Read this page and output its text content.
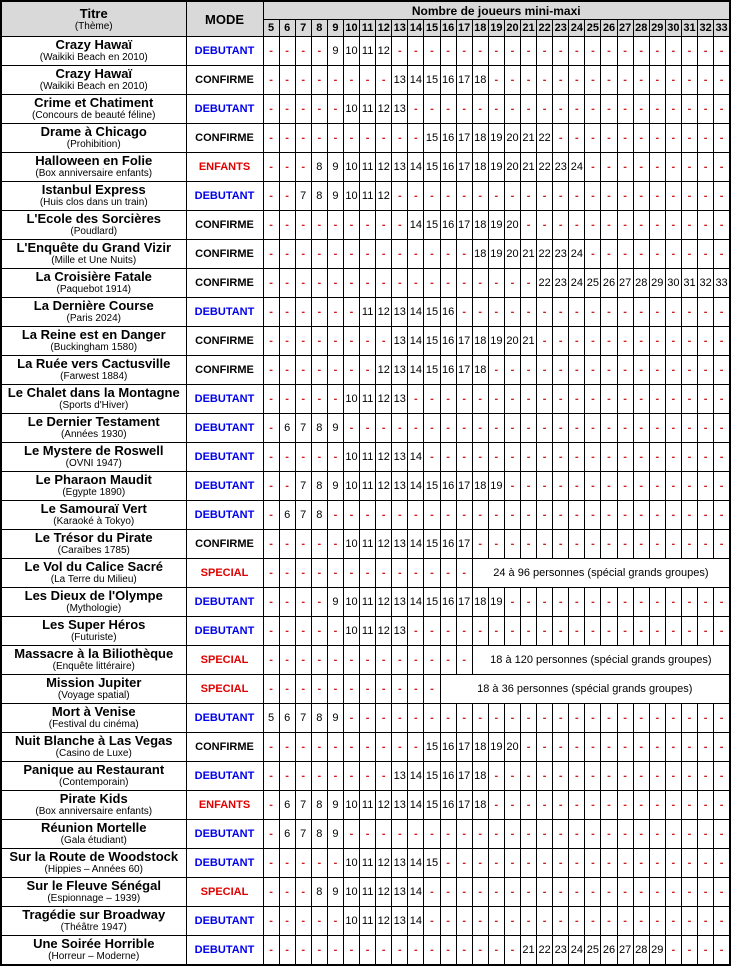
Titre
(Thème)	MODE	Nombre de joueurs mini-maxi																												
		5	6	7	8	9	10	11	12	13	14	15	16	17	18	19	20	21	22	23	24	25	26	27	28	29	30	31	32	33

Crazy Hawaï
(Waikiki Beach en 2010)	DEBUTANT	-	-	-	-	9	10	11	12	-	-	-	-	-	-	-	-	-	-	-	-	-	-	-	-	-	-	-	-	-

Crazy Hawaï
(Waikiki Beach en 2010)	CONFIRME	-	-	-	-	-	-	-	-	13	14	15	16	17	18	-	-	-	-	-	-	-	-	-	-	-	-	-	-	-

Crime et Chatiment
(Concours de beauté féline)	DEBUTANT	-	-	-	-	-	10	11	12	13	-	-	-	-	-	-	-	-	-	-	-	-	-	-	-	-	-	-	-	-

Drame à Chicago
(Prohibition)	CONFIRME	-	-	-	-	-	-	-	-	-	-	15	16	17	18	19	20	21	22	-	-	-	-	-	-	-	-	-	-	-

Halloween en Folie
(Box anniversaire enfants)	ENFANTS	-	-	-	8	9	10	11	12	13	14	15	16	17	18	19	20	21	22	23	24	-	-	-	-	-	-	-	-	-

Istanbul Express
(Huis clos dans un train)	DEBUTANT	-	-	7	8	9	10	11	12	-	-	-	-	-	-	-	-	-	-	-	-	-	-	-	-	-	-	-	-	-

L'Ecole des Sorcières
(Poudlard)	CONFIRME	-	-	-	-	-	-	-	-	-	14	15	16	17	18	19	20	-	-	-	-	-	-	-	-	-	-	-	-	-

L'Enquête du Grand Vizir
(Mille et Une Nuits)	CONFIRME	-	-	-	-	-	-	-	-	-	-	-	-	-	18	19	20	21	22	23	24	-	-	-	-	-	-	-	-	-

La Croisière Fatale
(Paquebot 1914)	CONFIRME	-	-	-	-	-	-	-	-	-	-	-	-	-	-	-	-	-	22	23	24	25	26	27	28	29	30	31	32	33

La Dernière Course
(Paris 2024)	DEBUTANT	-	-	-	-	-	-	11	12	13	14	15	16	-	-	-	-	-	-	-	-	-	-	-	-	-	-	-	-	-

La Reine est en Danger
(Buckingham 1580)	CONFIRME	-	-	-	-	-	-	-	-	13	14	15	16	17	18	19	20	21	-	-	-	-	-	-	-	-	-	-	-	-

La Ruée vers Cactusville
(Farwest 1884)	CONFIRME	-	-	-	-	-	-	-	12	13	14	15	16	17	18	-	-	-	-	-	-	-	-	-	-	-	-	-	-	-

Le Chalet dans la Montagne
(Sports d'Hiver)	DEBUTANT	-	-	-	-	-	10	11	12	13	-	-	-	-	-	-	-	-	-	-	-	-	-	-	-	-	-	-	-	-

Le Dernier Testament
(Années 1930)	DEBUTANT	-	6	7	8	9	-	-	-	-	-	-	-	-	-	-	-	-	-	-	-	-	-	-	-	-	-	-	-	-

Le Mystere de Roswell
(OVNI 1947)	DEBUTANT	-	-	-	-	-	10	11	12	13	14	-	-	-	-	-	-	-	-	-	-	-	-	-	-	-	-	-	-	-

Le Pharaon Maudit
(Egypte 1890)	DEBUTANT	-	-	7	8	9	10	11	12	13	14	15	16	17	18	19	-	-	-	-	-	-	-	-	-	-	-	-	-	-

Le Samouraï Vert
(Karaoké à Tokyo)	DEBUTANT	-	6	7	8	-	-	-	-	-	-	-	-	-	-	-	-	-	-	-	-	-	-	-	-	-	-	-	-	-

Le Trésor du Pirate
(Caraïbes 1785)	CONFIRME	-	-	-	-	-	10	11	12	13	14	15	16	17	-	-	-	-	-	-	-	-	-	-	-	-	-	-	-	-

Le Vol du Calice Sacré
(La Terre du Milieu)	SPECIAL	-	-	-	-	-	-	-	-	-	-	-	-	-	24 à 96 personnes (spécial grands groupes)															

Les Dieux de l'Olympe
(Mythologie)	DEBUTANT	-	-	-	-	9	10	11	12	13	14	15	16	17	18	19	-	-	-	-	-	-	-	-	-	-	-	-	-	-

Les Super Héros
(Futuriste)	DEBUTANT	-	-	-	-	-	10	11	12	13	-	-	-	-	-	-	-	-	-	-	-	-	-	-	-	-	-	-	-	-

Massacre à la Biliothèque
(Enquête littéraire)	SPECIAL	-	-	-	-	-	-	-	-	-	-	-	-	-	18 à 120 personnes (spécial grands groupes)															

Mission Jupiter
(Voyage spatial)	SPECIAL	-	-	-	-	-	-	-	-	-	-	-	18 à 36 personnes (spécial grands groupes)																	

Mort à Venise
(Festival du cinéma)	DEBUTANT	5	6	7	8	9	-	-	-	-	-	-	-	-	-	-	-	-	-	-	-	-	-	-	-	-	-	-	-	-

Nuit Blanche à Las Vegas
(Casino de Luxe)	CONFIRME	-	-	-	-	-	-	-	-	-	-	15	16	17	18	19	20	-	-	-	-	-	-	-	-	-	-	-	-	-

Panique au Restaurant
(Contemporain)	DEBUTANT	-	-	-	-	-	-	-	-	13	14	15	16	17	18	-	-	-	-	-	-	-	-	-	-	-	-	-	-	-

Pirate Kids
(Box anniversaire enfants)	ENFANTS	-	6	7	8	9	10	11	12	13	14	15	16	17	18	-	-	-	-	-	-	-	-	-	-	-	-	-	-	-

Réunion Mortelle
(Gala étudiant)	DEBUTANT	-	6	7	8	9	-	-	-	-	-	-	-	-	-	-	-	-	-	-	-	-	-	-	-	-	-	-	-	-

Sur la Route de Woodstock
(Hippies – Années 60)	DEBUTANT	-	-	-	-	-	10	11	12	13	14	15	-	-	-	-	-	-	-	-	-	-	-	-	-	-	-	-	-	-

Sur le Fleuve Sénégal
(Espionnage – 1939)	SPECIAL	-	-	-	8	9	10	11	12	13	14	-	-	-	-	-	-	-	-	-	-	-	-	-	-	-	-	-	-	-

Tragédie sur Broadway
(Théâtre 1947)	DEBUTANT	-	-	-	-	-	10	11	12	13	14	-	-	-	-	-	-	-	-	-	-	-	-	-	-	-	-	-	-	-

Une Soirée Horrible
(Horreur – Moderne)	DEBUTANT	-	-	-	-	-	-	-	-	-	-	-	-	-	-	-	-	21	22	23	24	25	26	27	28	29	-	-	-	-
